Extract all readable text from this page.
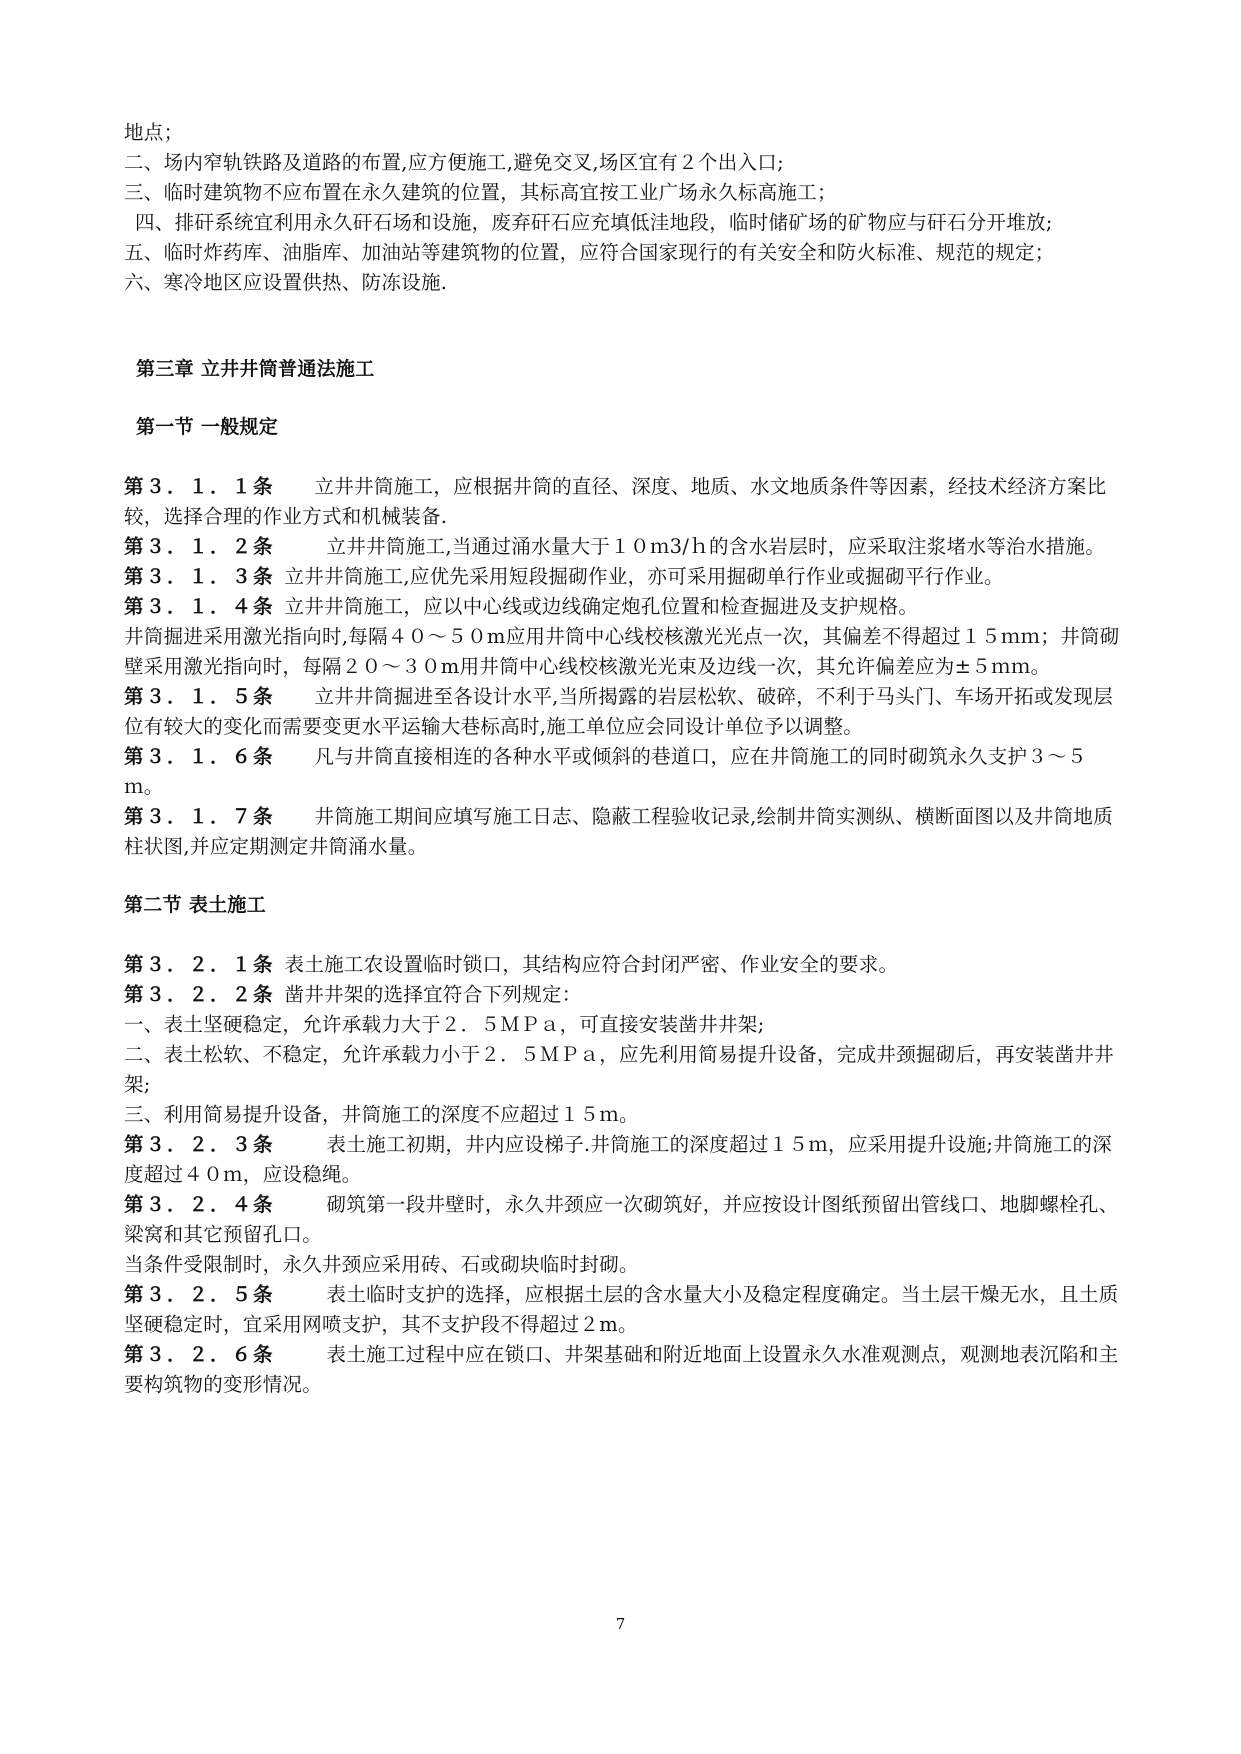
地点；

二、场内窄轨铁路及道路的布置,应方便施工,避免交叉,场区宜有２个出入口;

三、临时建筑物不应布置在永久建筑的位置，其标高宜按工业广场永久标高施工；

四、排矸系统宜利用永久矸石场和设施，废弃矸石应充填低洼地段，临时储矿场的矿物应与矸石分开堆放;

五、临时炸药库、油脂库、加油站等建筑物的位置，应符合国家现行的有关安全和防火标准、规范的规定；

六、寒冷地区应设置供热、防冻设施.

第三章 立井井筒普通法施工

第一节 一般规定

第３．１．１条 立井井筒施工，应根据井筒的直径、深度、地质、水文地质条件等因素，经技术经济方案比较，选择合理的作业方式和机械装备.

第３．１．２条	立井井筒施工,当通过涌水量大于１０ｍ3/ｈ的含水岩层时，应采取注浆堵水等治水措施。

第３．１．３条 立井井筒施工,应优先采用短段掘砌作业，亦可采用掘砌单行作业或掘砌平行作业。

第３．１．４条 立井井筒施工，应以中心线或边线确定炮孔位置和检查掘进及支护规格。

井筒掘进采用激光指向时,每隔４０～５０m应用井筒中心线校核激光光点一次，其偏差不得超过１５ｍｍ；井筒砌壁采用激光指向时，每隔２０～３０m用井筒中心线校核激光光束及边线一次，其允许偏差应为±５ｍｍ。

第３．１．５条 立井井筒掘进至各设计水平,当所揭露的岩层松软、破碎，不利于马头门、车场开拓或发现层位有较大的变化而需要变更水平运输大巷标高时,施工单位应会同设计单位予以调整。

第３．１．６条 凡与井筒直接相连的各种水平或倾斜的巷道口，应在井筒施工的同时砌筑永久支护３～５ｍ。

第３．１．７条 井筒施工期间应填写施工日志、隐蔽工程验收记录,绘制井筒实测纵、横断面图以及井筒地质柱状图,并应定期测定井筒涌水量。

第二节 表土施工

第３．２．１条 表土施工农设置临时锁口，其结构应符合封闭严密、作业安全的要求。

第３．２．２条 凿井井架的选择宜符合下列规定：

一、表土坚硬稳定，允许承载力大于２．５ＭＰａ，可直接安装凿井井架;

二、表土松软、不稳定，允许承载力小于２．５ＭＰａ，应先利用简易提升设备，完成井颈掘砌后，再安装凿井井架;

三、利用简易提升设备，井筒施工的深度不应超过１５ｍ。

第３．２．３条	表土施工初期，井内应设梯子.井筒施工的深度超过１５ｍ，应采用提升设施;井筒施工的深度超过４０ｍ，应设稳绳。

第３．２．４条	砌筑第一段井壁时，永久井颈应一次砌筑好，并应按设计图纸预留出管线口、地脚螺栓孔、梁窝和其它预留孔口。

当条件受限制时，永久井颈应采用砖、石或砌块临时封砌。

第３．２．５条	表土临时支护的选择，应根据土层的含水量大小及稳定程度确定。当土层干燥无水，且土质坚硬稳定时，宜采用网喷支护，其不支护段不得超过２m。

第３．２．６条	表土施工过程中应在锁口、井架基础和附近地面上设置永久水准观测点，观测地表沉陷和主要构筑物的变形情况。

7
